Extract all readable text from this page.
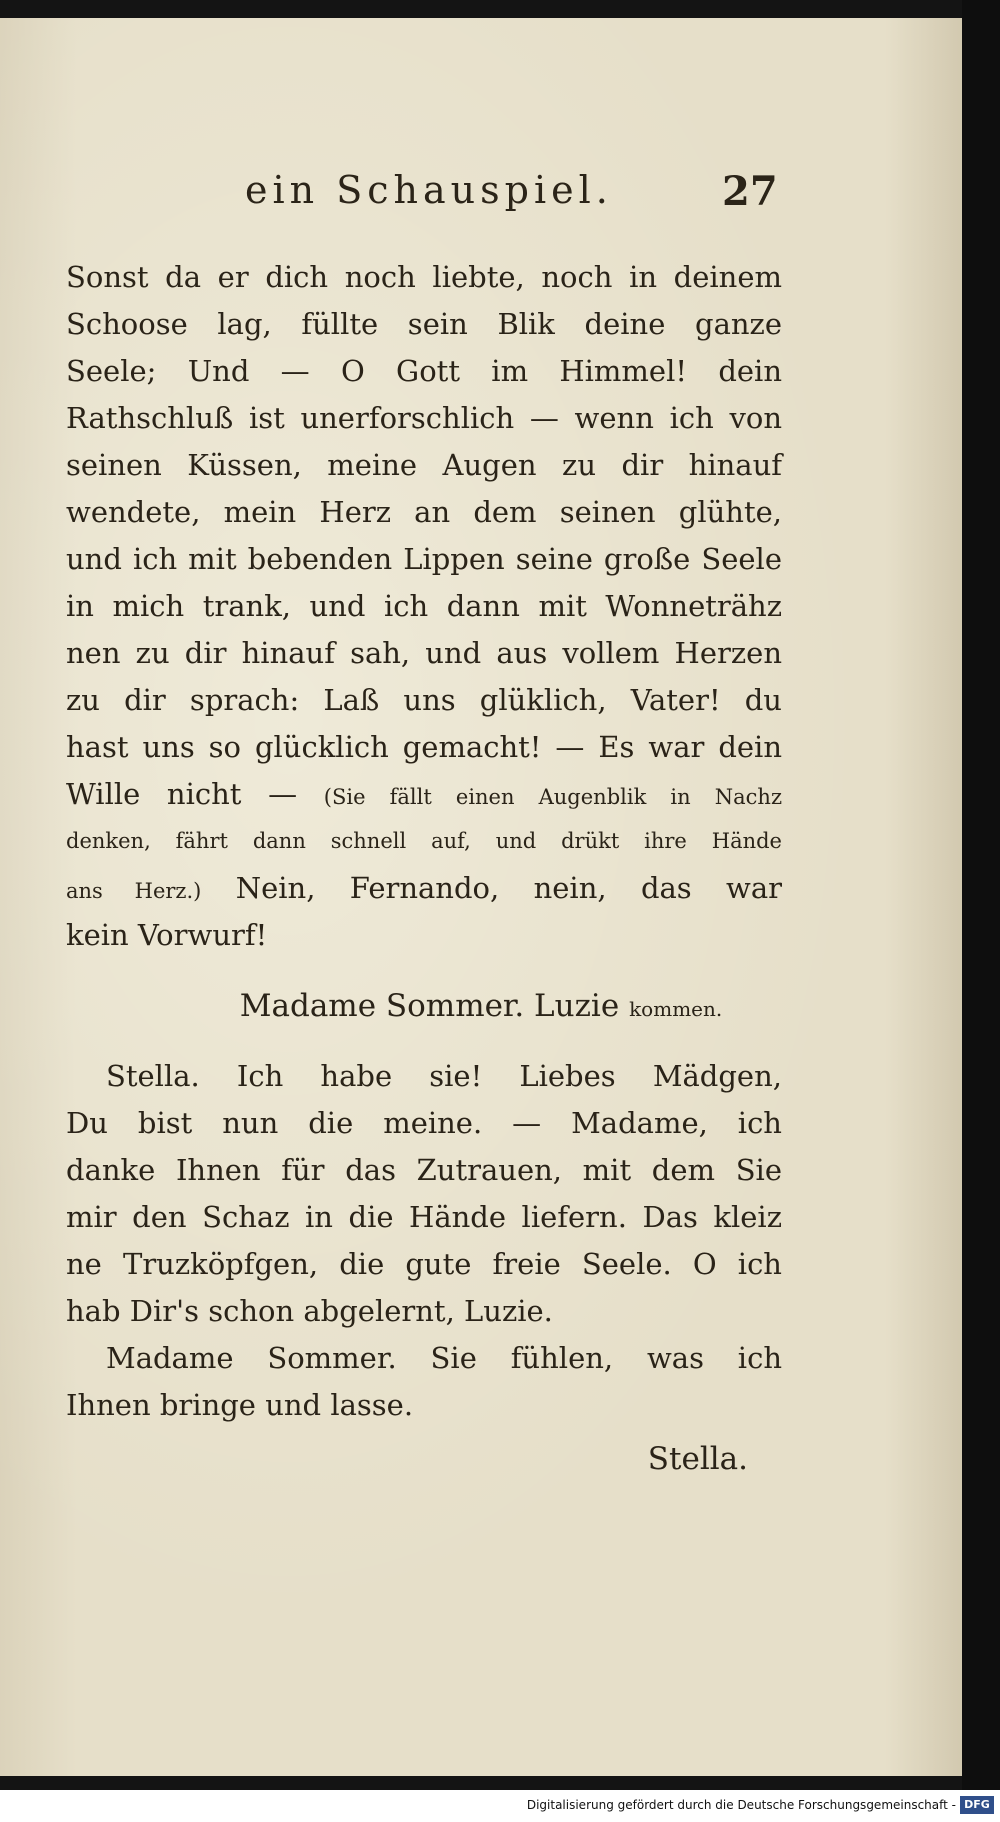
ein Schauspiel.	27
Sonst da er dich noch liebte, noch in deinem
Schoose lag, füllte sein Blik deine ganze
Seele; Und — O Gott im Himmel! dein
Rathschluß ist unerforschlich — wenn ich von
seinen Küssen, meine Augen zu dir hinauf
wendete, mein Herz an dem seinen glühte,
und ich mit bebenden Lippen seine große Seele
in mich trank, und ich dann mit Wonneträhz
nen zu dir hinauf sah, und aus vollem Herzen
zu dir sprach: Laß uns glüklich, Vater! du
hast uns so glücklich gemacht! — Es war dein
Wille nicht — (Sie fällt einen Augenblik in Nachz
denken, fährt dann schnell auf, und drükt ihre Hände
ans Herz.) Nein, Fernando, nein, das war
kein Vorwurf!
Madame Sommer. Luzie kommen.
Stella. Ich habe sie! Liebes Mädgen,
Du bist nun die meine. — Madame, ich
danke Ihnen für das Zutrauen, mit dem Sie
mir den Schaz in die Hände liefern. Das kleiz
ne Truzköpfgen, die gute freie Seele. O ich
hab Dir's schon abgelernt, Luzie.
Madame Sommer. Sie fühlen, was ich
Ihnen bringe und lasse.
Stella.
Digitalisierung gefördert durch die Deutsche Forschungsgemeinschaft - DFG
